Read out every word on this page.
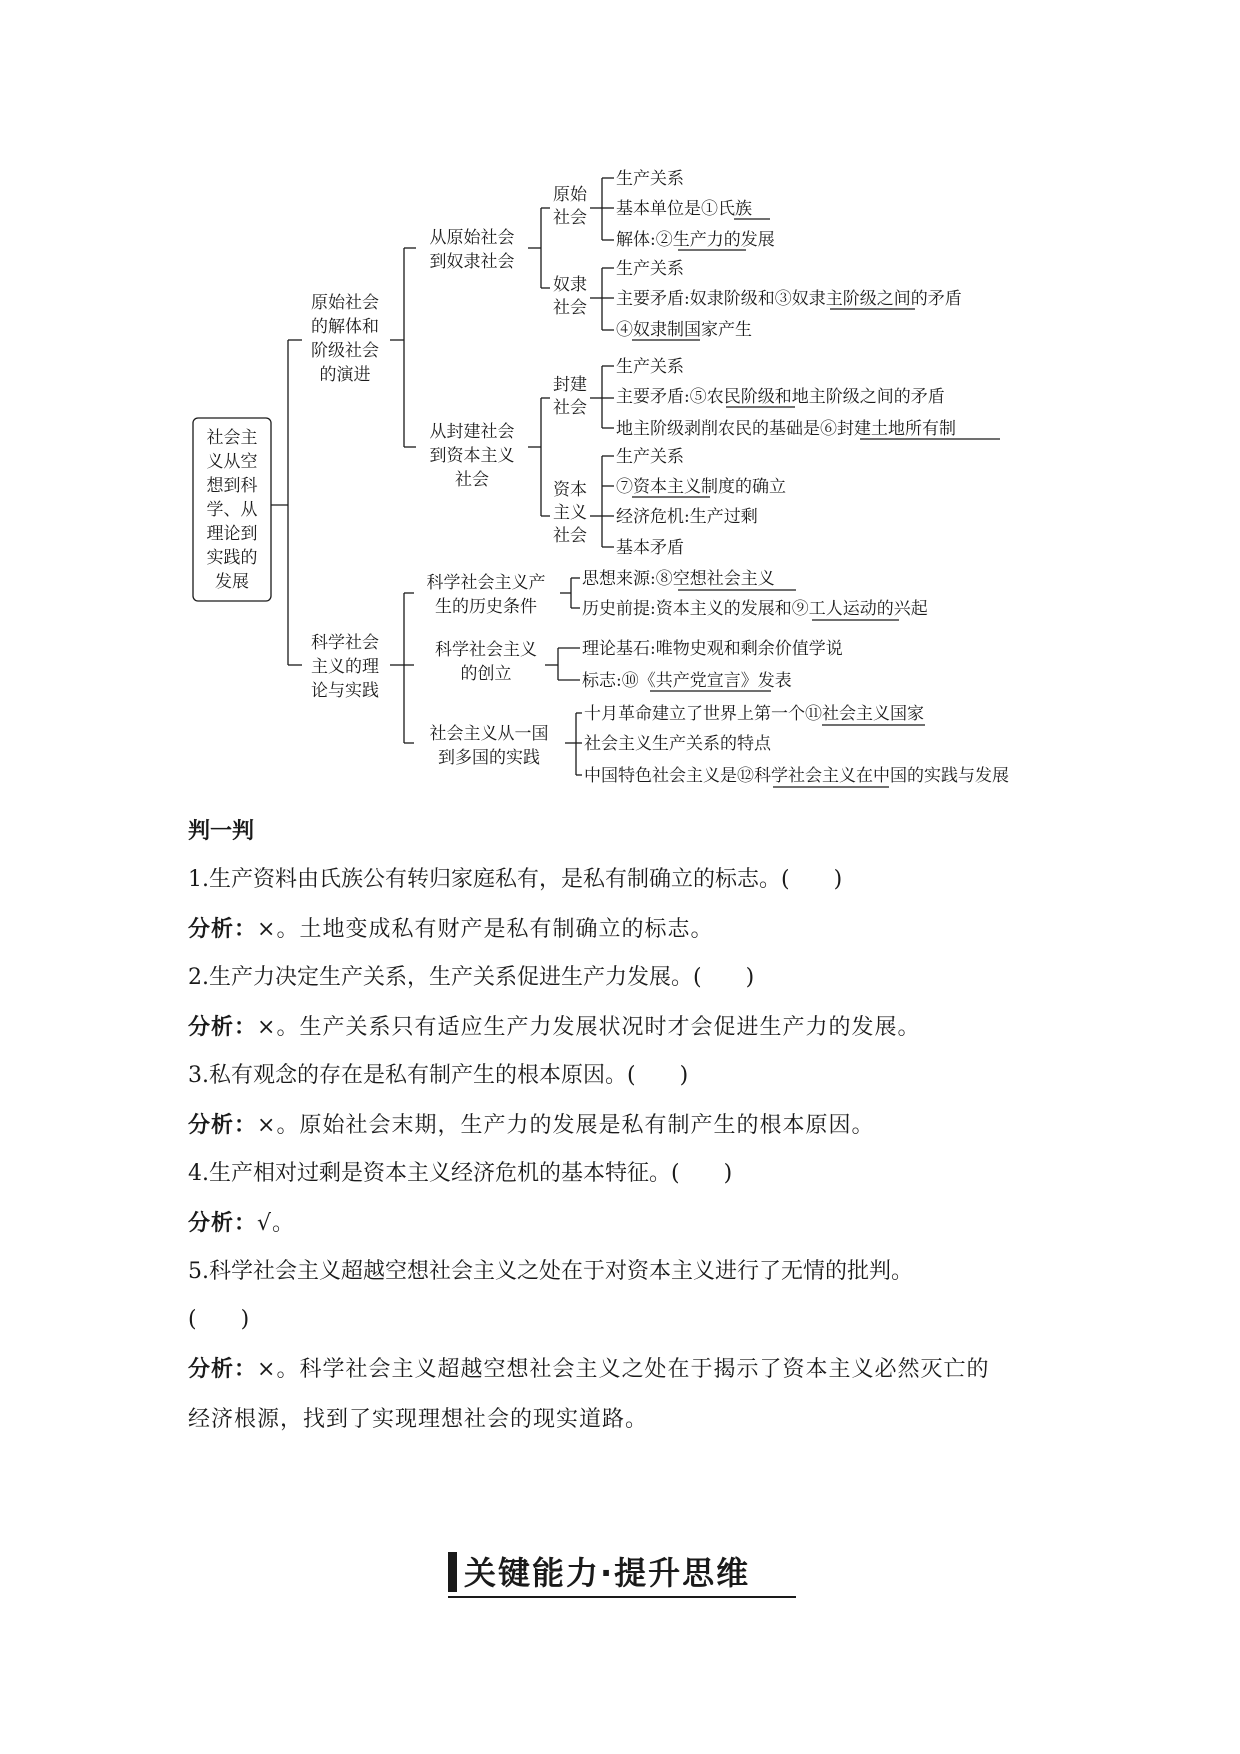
社会主
义从空
想到科
学、从
理论到
实践的
发展
原始社会
的解体和
阶级社会
的演进
从原始社会
到奴隶社会
原始
社会
生产关系
基本单位是①氏族
解体:②生产力的发展
奴隶
社会
生产关系
主要矛盾:奴隶阶级和③奴隶主阶级之间的矛盾
④奴隶制国家产生
从封建社会
到资本主义
社会
封建
社会
生产关系
主要矛盾:⑤农民阶级和地主阶级之间的矛盾
地主阶级剥削农民的基础是⑥封建土地所有制
资本
主义
社会
生产关系
⑦资本主义制度的确立
经济危机:生产过剩
基本矛盾
科学社会
主义的理
论与实践
科学社会主义产
生的历史条件
思想来源:⑧空想社会主义
历史前提:资本主义的发展和⑨工人运动的兴起
科学社会主义
的创立
理论基石:唯物史观和剩余价值学说
标志:⑩《共产党宣言》发表
社会主义从一国
到多国的实践
十月革命建立了世界上第一个⑪社会主义国家
社会主义生产关系的特点
中国特色社会主义是⑫科学社会主义在中国的实践与发展
判一判
1.生产资料由氏族公有转归家庭私有，是私有制确立的标志。(　　)
分析：×。土地变成私有财产是私有制确立的标志。
2.生产力决定生产关系，生产关系促进生产力发展。(　　)
分析：×。生产关系只有适应生产力发展状况时才会促进生产力的发展。
3.私有观念的存在是私有制产生的根本原因。(　　)
分析：×。原始社会末期，生产力的发展是私有制产生的根本原因。
4.生产相对过剩是资本主义经济危机的基本特征。(　　)
分析：√。
5.科学社会主义超越空想社会主义之处在于对资本主义进行了无情的批判。
(　　)
分析：×。科学社会主义超越空想社会主义之处在于揭示了资本主义必然灭亡的
经济根源，找到了实现理想社会的现实道路。
关键能力·提升思维
